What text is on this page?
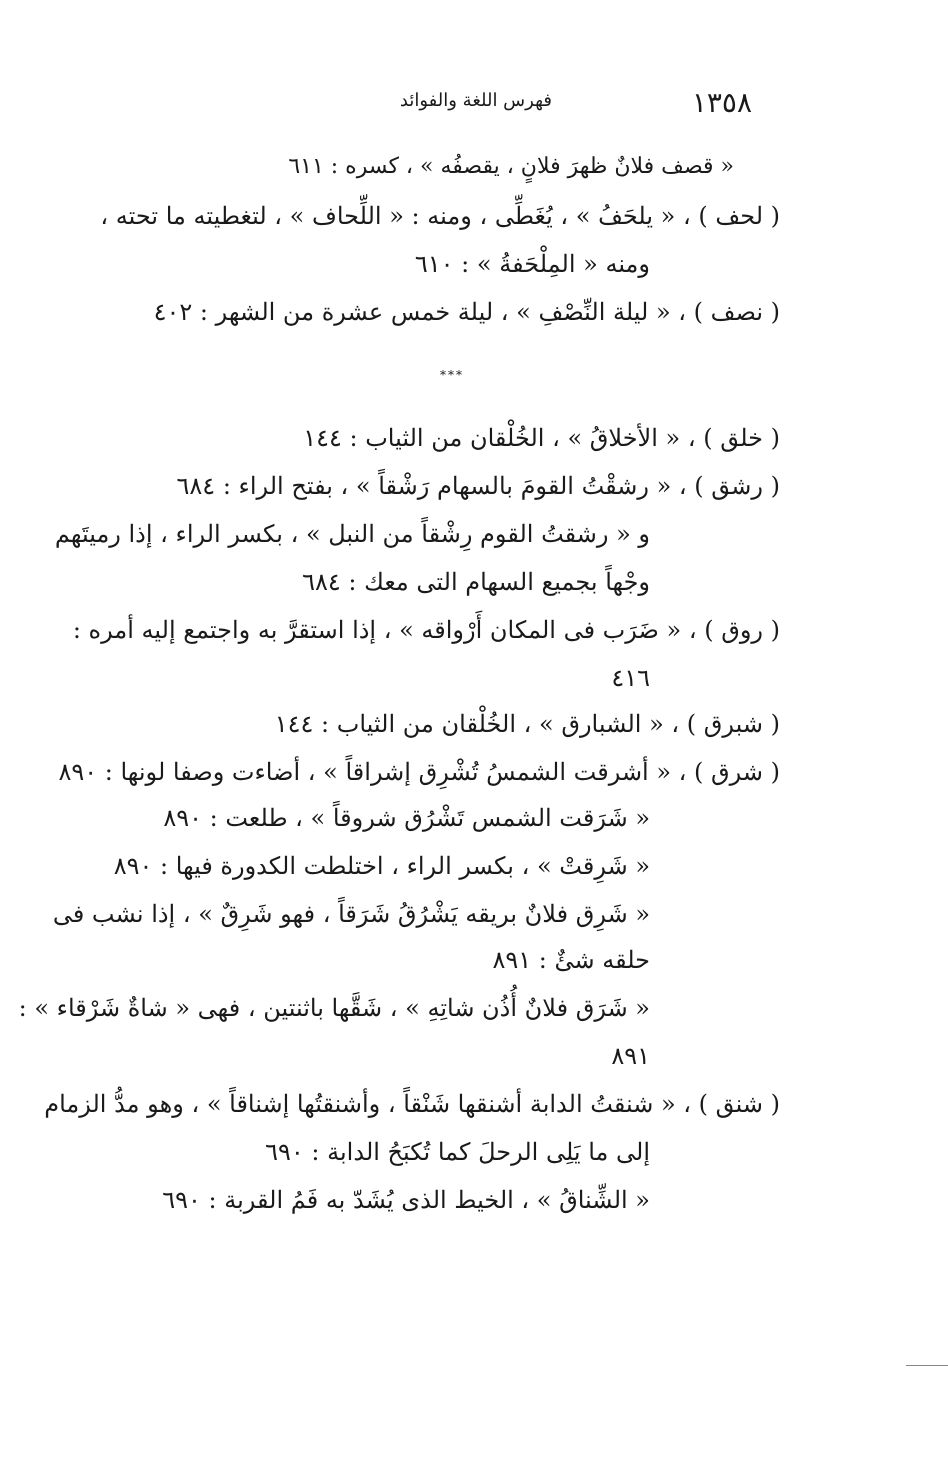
١٣٥٨
فهرس اللغة والفوائد
« قصف فلانٌ ظهرَ فلانٍ ، يقصفُه » ، كسره : ٦١١
( لحف ) ، « يلحَفُ » ، يُغَطِّى ، ومنه : « اللِّحاف » ، لتغطيته ما تحته ،
ومنه « المِلْحَفةُ » : ٦١٠
( نصف ) ، « ليلة النِّصْفِ » ، ليلة خمس عشرة من الشهر : ٤٠٢
***
( خلق ) ، « الأخلاقُ » ، الخُلْقان من الثياب : ١٤٤
( رشق ) ، « رشقْتُ القومَ بالسهام رَشْقاً » ، بفتح الراء : ٦٨٤
و « رشقتُ القوم رِشْقاً من النبل » ، بكسر الراء ، إذا رميتَهم
وجْهاً بجميع السهام التى معك : ٦٨٤
( روق ) ، « ضَرَب فى المكان أَرْواقه » ، إذا استقرَّ به واجتمع إليه أمره :
٤١٦
( شبرق ) ، « الشبارق » ، الخُلْقان من الثياب : ١٤٤
( شرق ) ، « أشرقت الشمسُ تُشْرِق إشراقاً » ، أضاءت وصفا لونها : ٨٩٠
« شَرَقت الشمس تَشْرُق شروقاً » ، طلعت : ٨٩٠
« شَرِقتْ » ، بكسر الراء ، اختلطت الكدورة فيها : ٨٩٠
« شَرِق فلانٌ بريقه يَشْرُقُ شَرَقاً ، فهو شَرِقٌ » ، إذا نشب فى
حلقه شئٌ : ٨٩١
« شَرَق فلانٌ أُذُن شاتِهِ » ، شَقَّها باثنتين ، فهى « شاةٌ شَرْقاء » :
٨٩١
( شنق ) ، « شنقتُ الدابة أشنقها شَنْقاً ، وأشنقتُها إشناقاً » ، وهو مدُّ الزمام
إلى ما يَلِى الرحلَ كما تُكبَحُ الدابة : ٦٩٠
« الشِّناقُ » ، الخيط الذى يُشَدّ به فَمُ القربة : ٦٩٠
